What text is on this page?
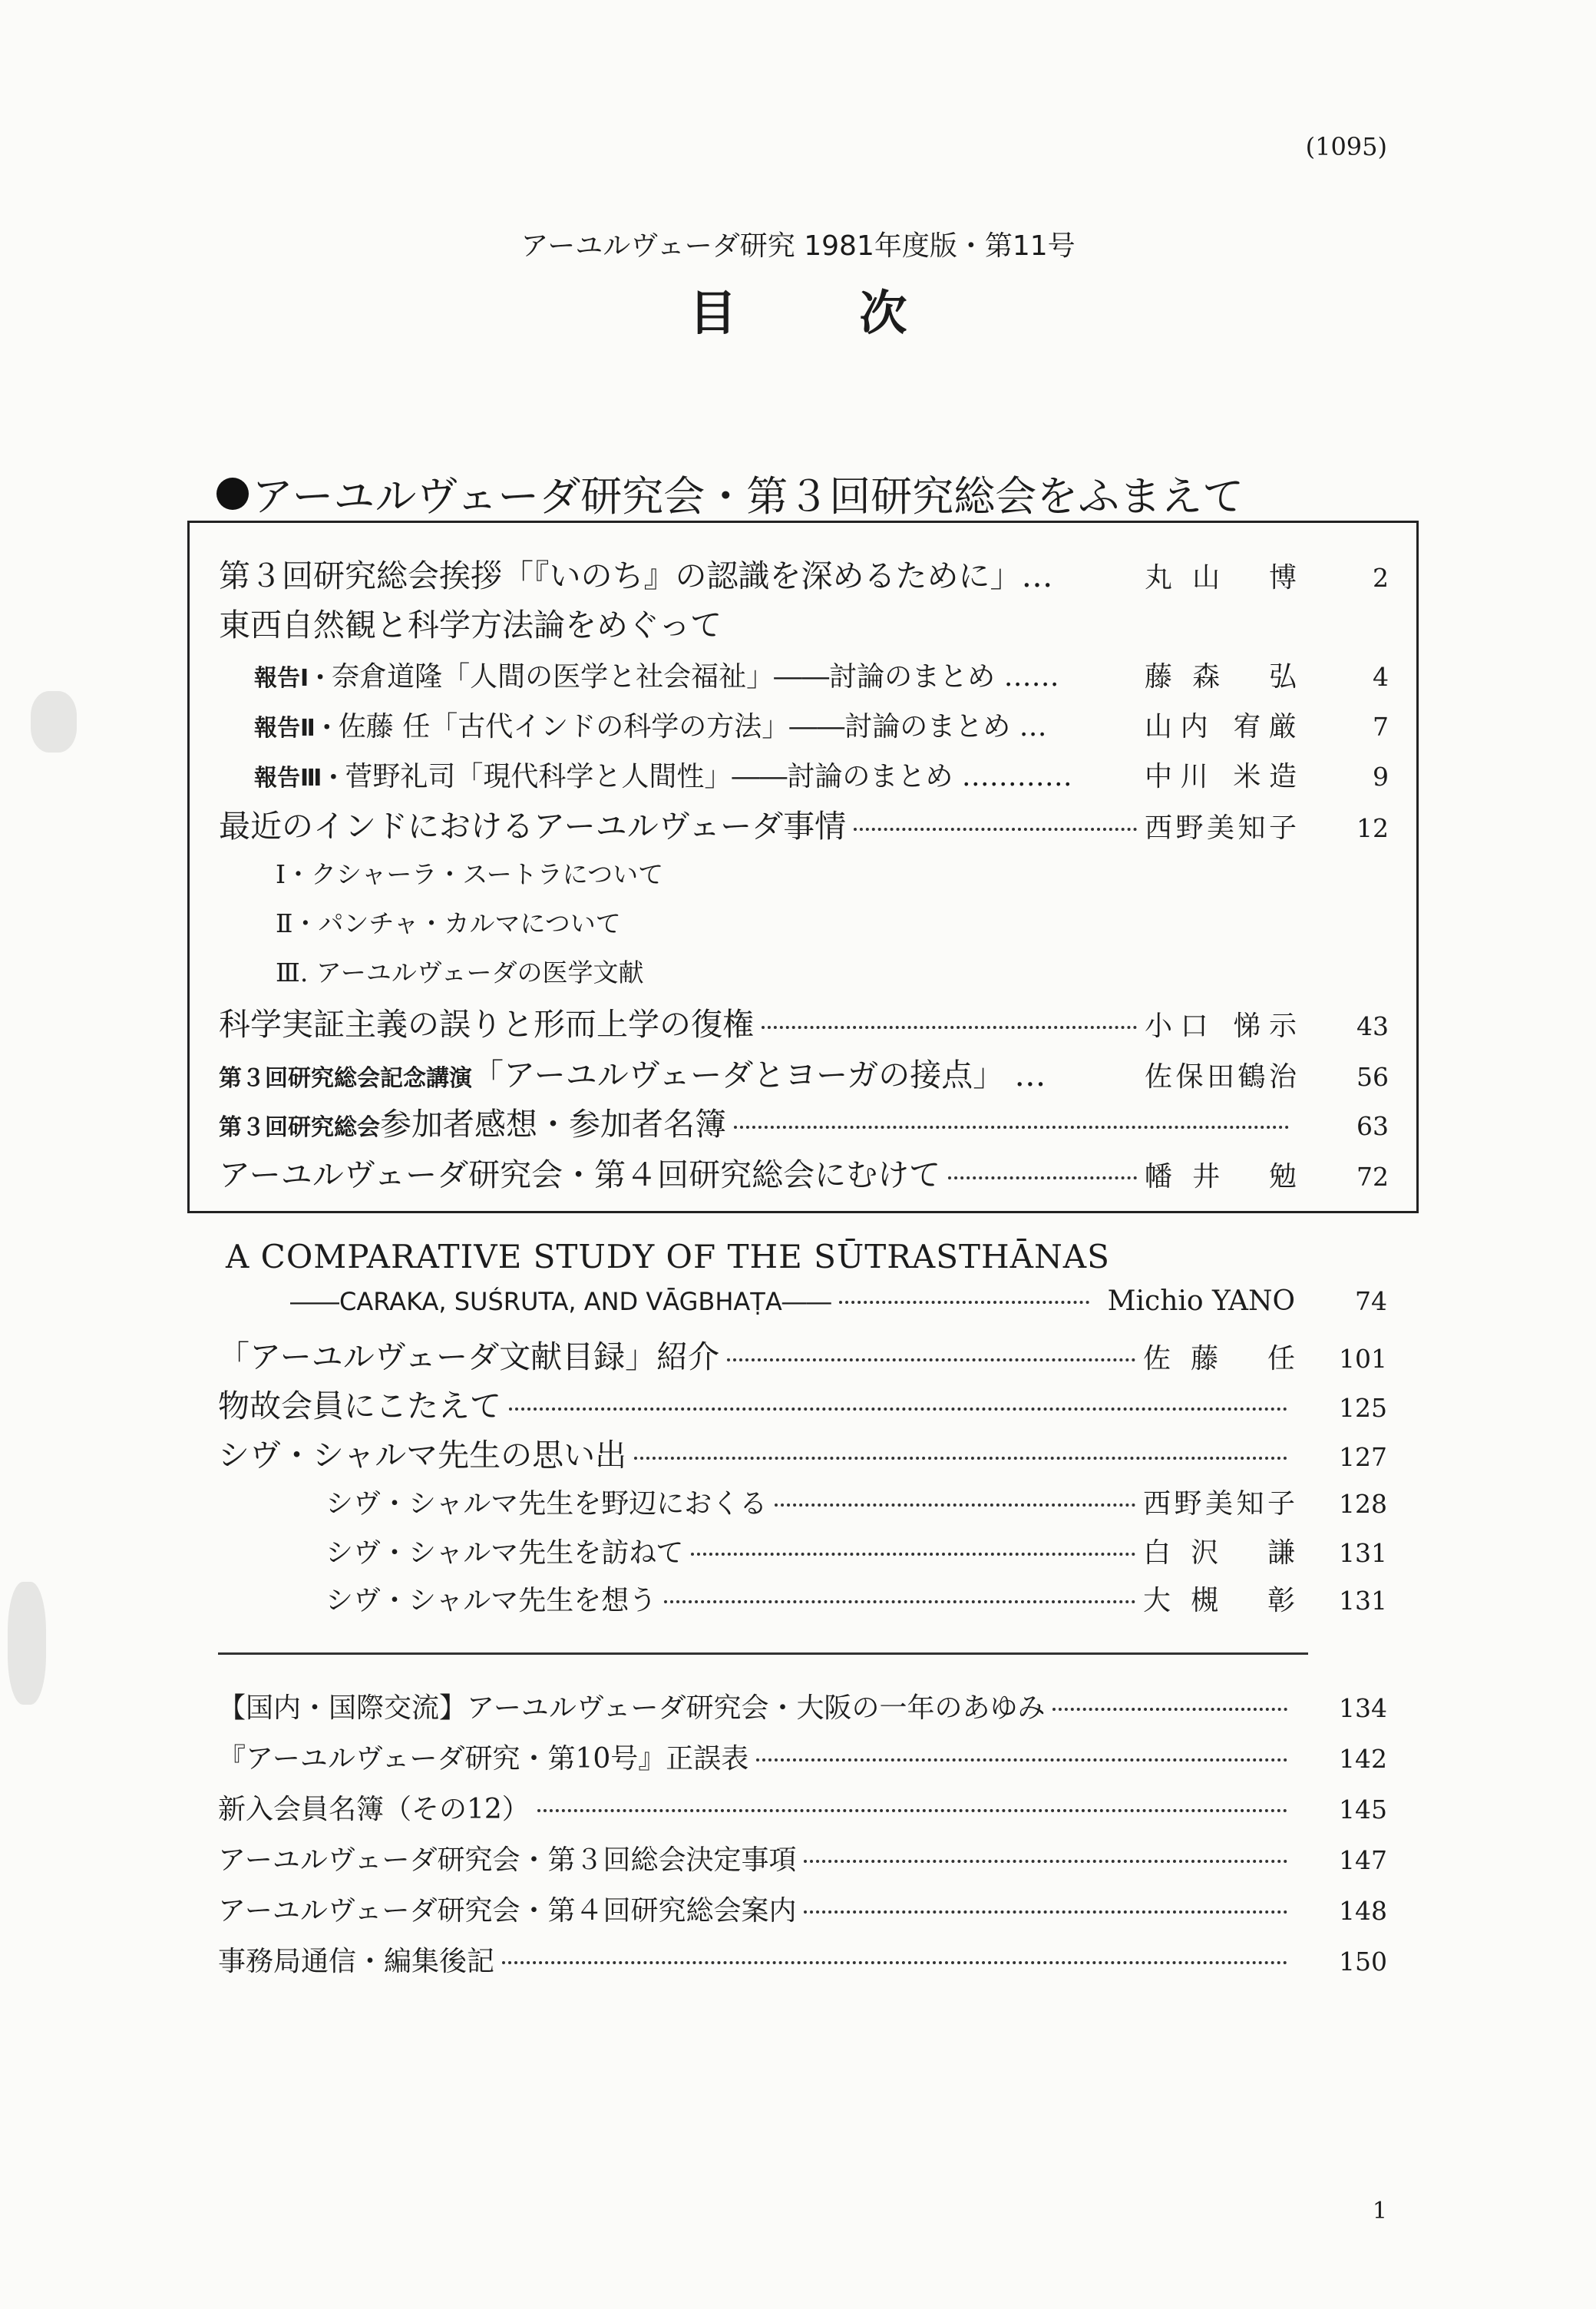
(1095)
アーユルヴェーダ研究 1981年度版・第11号
目次
アーユルヴェーダ研究会・第３回研究総会をふまえて
第３回研究総会挨拶「『いのち』の認識を深めるために」…	丸山 博	2
東西自然観と科学方法論をめぐって
報告Ⅰ・ 奈倉道隆「人間の医学と社会福祉」――討論のまとめ ……	藤森 弘	4
報告Ⅱ・ 佐藤 任「古代インドの科学の方法」――討論のまとめ …	山内 宥厳	7
報告Ⅲ・ 菅野礼司「現代科学と人間性」――討論のまとめ …………	中川 米造	9
最近のインドにおけるアーユルヴェーダ事情	西野美知子	12
Ⅰ・クシャーラ・スートラについて
Ⅱ・パンチャ・カルマについて
Ⅲ. アーユルヴェーダの医学文献
科学実証主義の誤りと形而上学の復権	小口 悌示	43
第３回研究総会記念講演 「アーユルヴェーダとヨーガの接点」 …	佐保田鶴治	56
第３回研究総会 参加者感想・参加者名簿	63
アーユルヴェーダ研究会・第４回研究総会にむけて	幡井 勉	72
A COMPARATIVE STUDY OF THE SŪTRASTHĀNAS
――CARAKA, SUŚRUTA, AND VĀGBHAṬA――	Michio YANO	74
「アーユルヴェーダ文献目録」紹介	佐藤 任	101
物故会員にこたえて	125
シヴ・シャルマ先生の思い出	127
シヴ・シャルマ先生を野辺におくる	西野美知子	128
シヴ・シャルマ先生を訪ねて	白沢 謙	131
シヴ・シャルマ先生を想う	大槻 彰	131
【国内・国際交流】アーユルヴェーダ研究会・大阪の一年のあゆみ	134
『アーユルヴェーダ研究・第10号』正誤表	142
新入会員名簿（その12）	145
アーユルヴェーダ研究会・第３回総会決定事項	147
アーユルヴェーダ研究会・第４回研究総会案内	148
事務局通信・編集後記	150
1
